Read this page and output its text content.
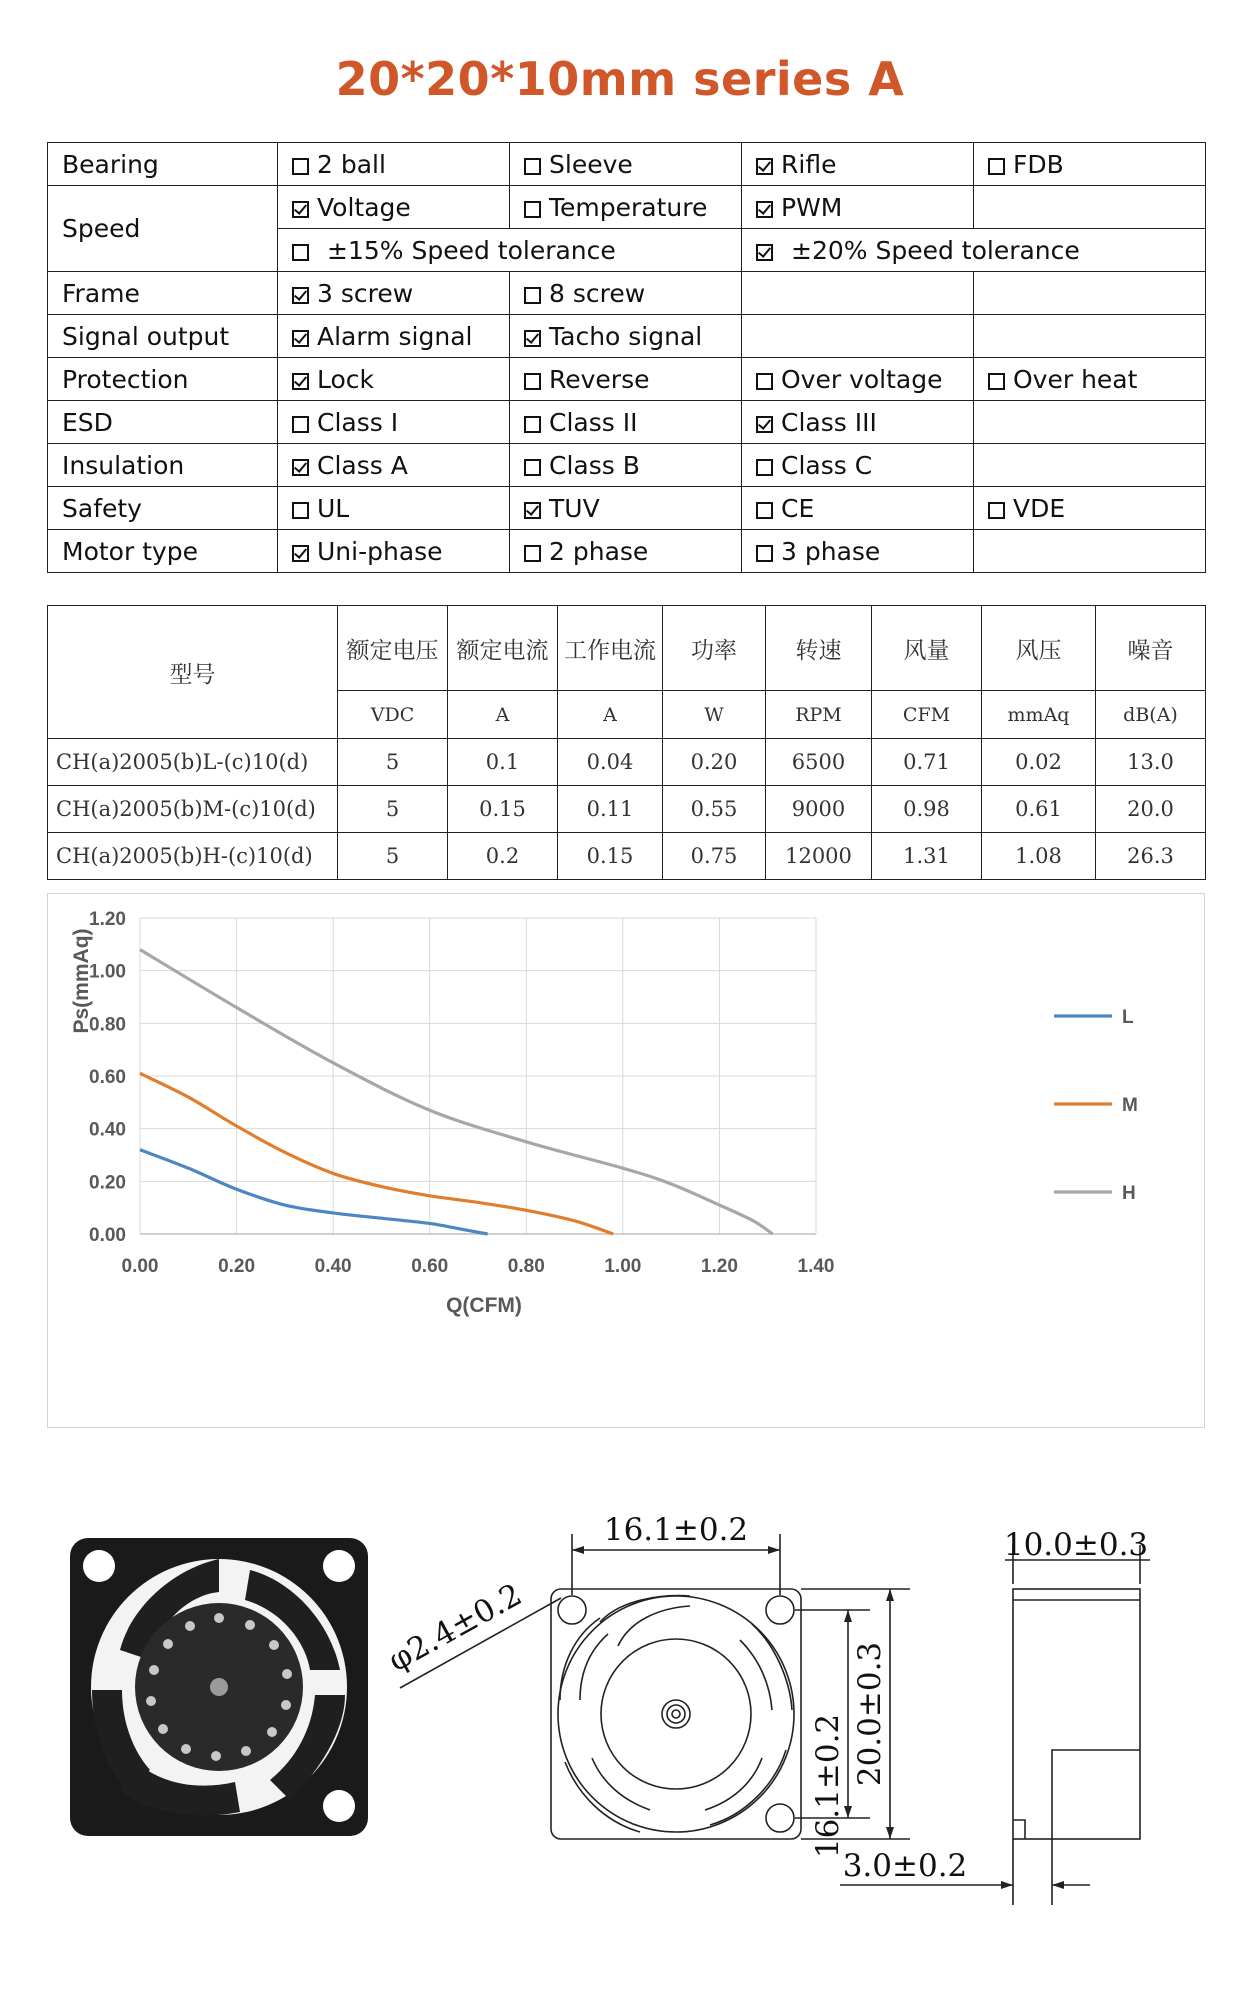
20*20*10mm series A
Bearing	2 ball	Sleeve	Rifle	FDB
Speed	Voltage	Temperature	PWM	
	±15% Speed tolerance		±20% Speed tolerance	
Frame	3 screw	8 screw		
Signal output	Alarm signal	Tacho signal		
Protection	Lock	Reverse	Over voltage	Over heat
ESD	Class I	Class II	Class III	
Insulation	Class A	Class B	Class C	
Safety	UL	TUV	CE	VDE
Motor type	Uni-phase	2 phase	3 phase	
型号	额定电压	额定电流	工作电流	功率	转速	风量	风压	噪音
	VDC	A	A	W	RPM	CFM	mmAq	dB(A)
CH(a)2005(b)L-(c)10(d)	5	0.1	0.04	0.20	6500	0.71	0.02	13.0
CH(a)2005(b)M-(c)10(d)	5	0.15	0.11	0.55	9000	0.98	0.61	20.0
CH(a)2005(b)H-(c)10(d)	5	0.2	0.15	0.75	12000	1.31	1.08	26.3
0.00	0.20	0.40	0.60	0.80	1.00	1.20	1.40
0.00
0.20
0.40
0.60
0.80
1.00
1.20
Q(CFM)
Ps(mmAq)	L
M
H
16.1±0.2
φ2.4±0.2
16.1±0.2 20.0±0.3
10.0±0.3
3.0±0.2
